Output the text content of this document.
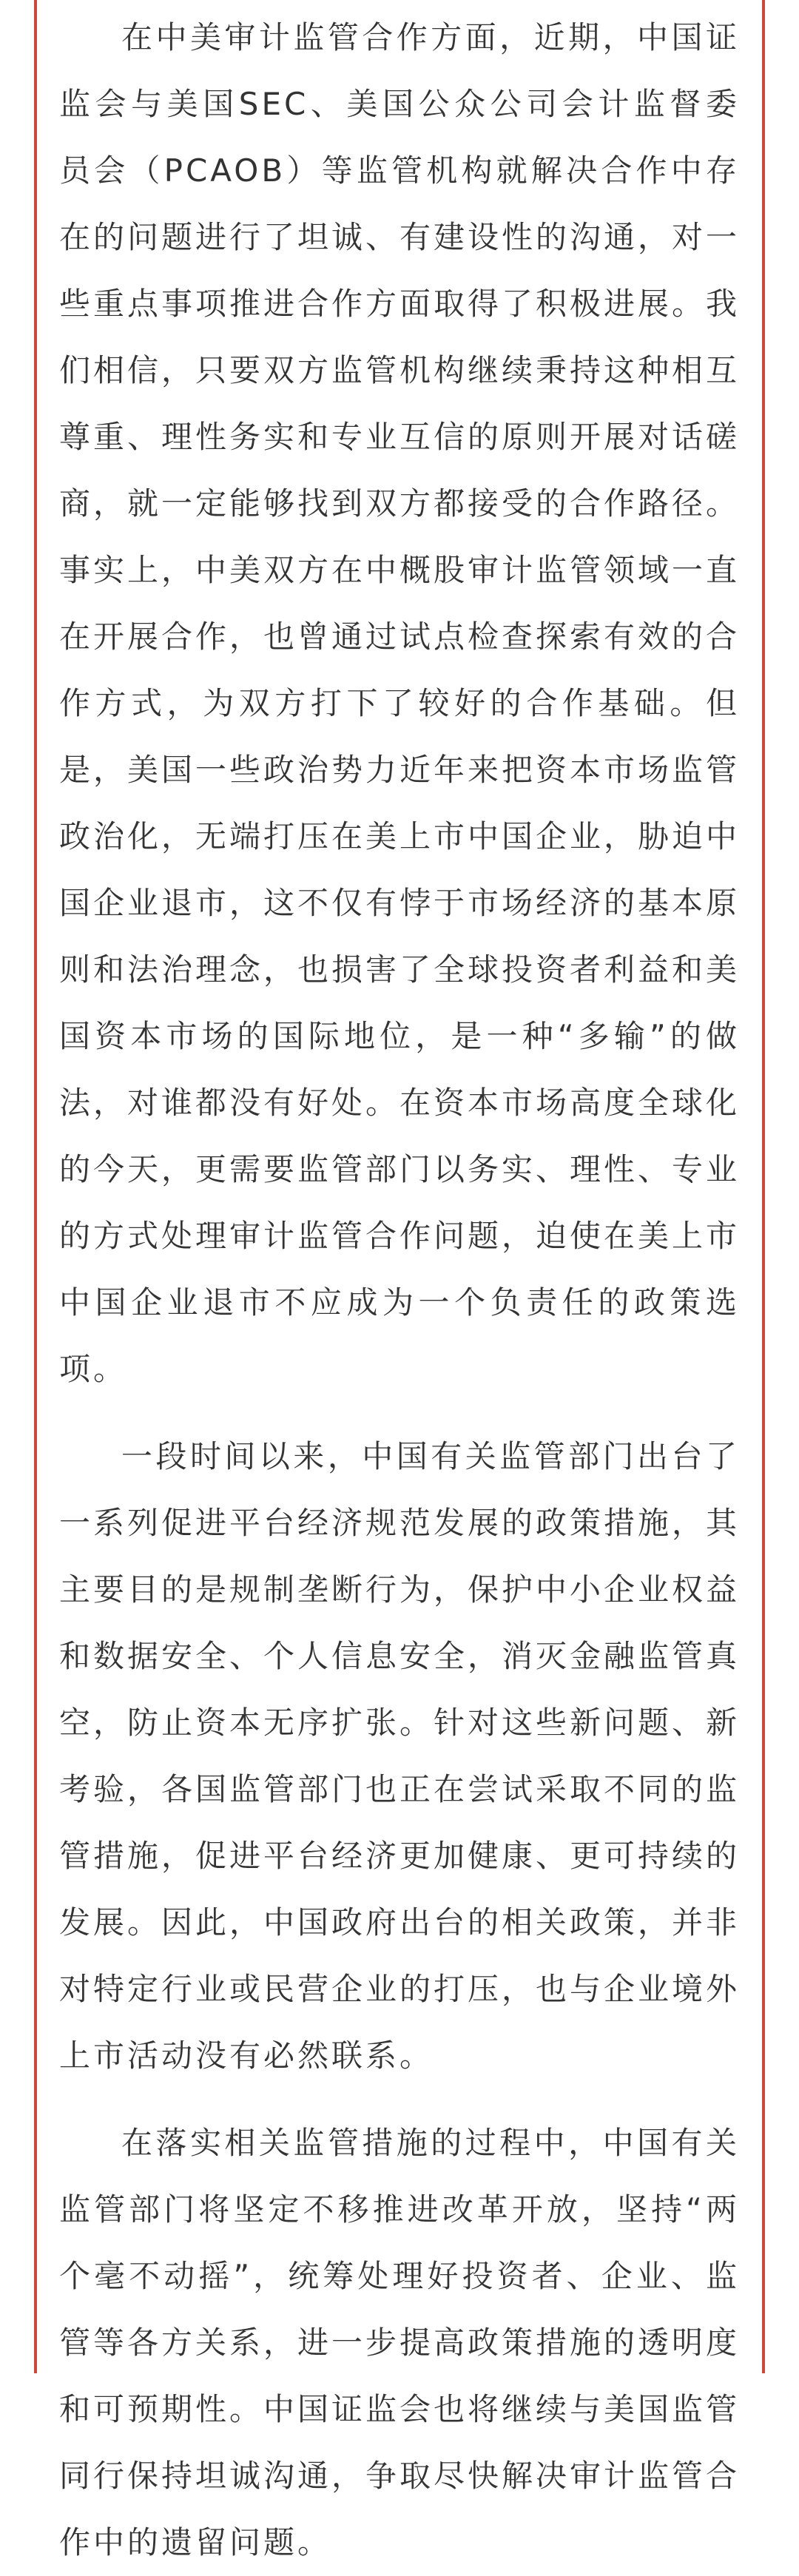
在中美审计监管合作方面，近期，中国证监会与美国SEC、美国公众公司会计监督委员会（PCAOB）等监管机构就解决合作中存在的问题进行了坦诚、有建设性的沟通，对一些重点事项推进合作方面取得了积极进展。我们相信，只要双方监管机构继续秉持这种相互尊重、理性务实和专业互信的原则开展对话磋商，就一定能够找到双方都接受的合作路径。事实上，中美双方在中概股审计监管领域一直在开展合作，也曾通过试点检查探索有效的合作方式，为双方打下了较好的合作基础。但是，美国一些政治势力近年来把资本市场监管政治化，无端打压在美上市中国企业，胁迫中国企业退市，这不仅有悖于市场经济的基本原则和法治理念，也损害了全球投资者利益和美国资本市场的国际地位，是一种“多输”的做法，对谁都没有好处。在资本市场高度全球化的今天，更需要监管部门以务实、理性、专业的方式处理审计监管合作问题，迫使在美上市中国企业退市不应成为一个负责任的政策选项。

一段时间以来，中国有关监管部门出台了一系列促进平台经济规范发展的政策措施，其主要目的是规制垄断行为，保护中小企业权益和数据安全、个人信息安全，消灭金融监管真空，防止资本无序扩张。针对这些新问题、新考验，各国监管部门也正在尝试采取不同的监管措施，促进平台经济更加健康、更可持续的发展。因此，中国政府出台的相关政策，并非对特定行业或民营企业的打压，也与企业境外上市活动没有必然联系。

在落实相关监管措施的过程中，中国有关监管部门将坚定不移推进改革开放，坚持“两个毫不动摇”，统筹处理好投资者、企业、监管等各方关系，进一步提高政策措施的透明度和可预期性。中国证监会也将继续与美国监管同行保持坦诚沟通，争取尽快解决审计监管合作中的遗留问题。
